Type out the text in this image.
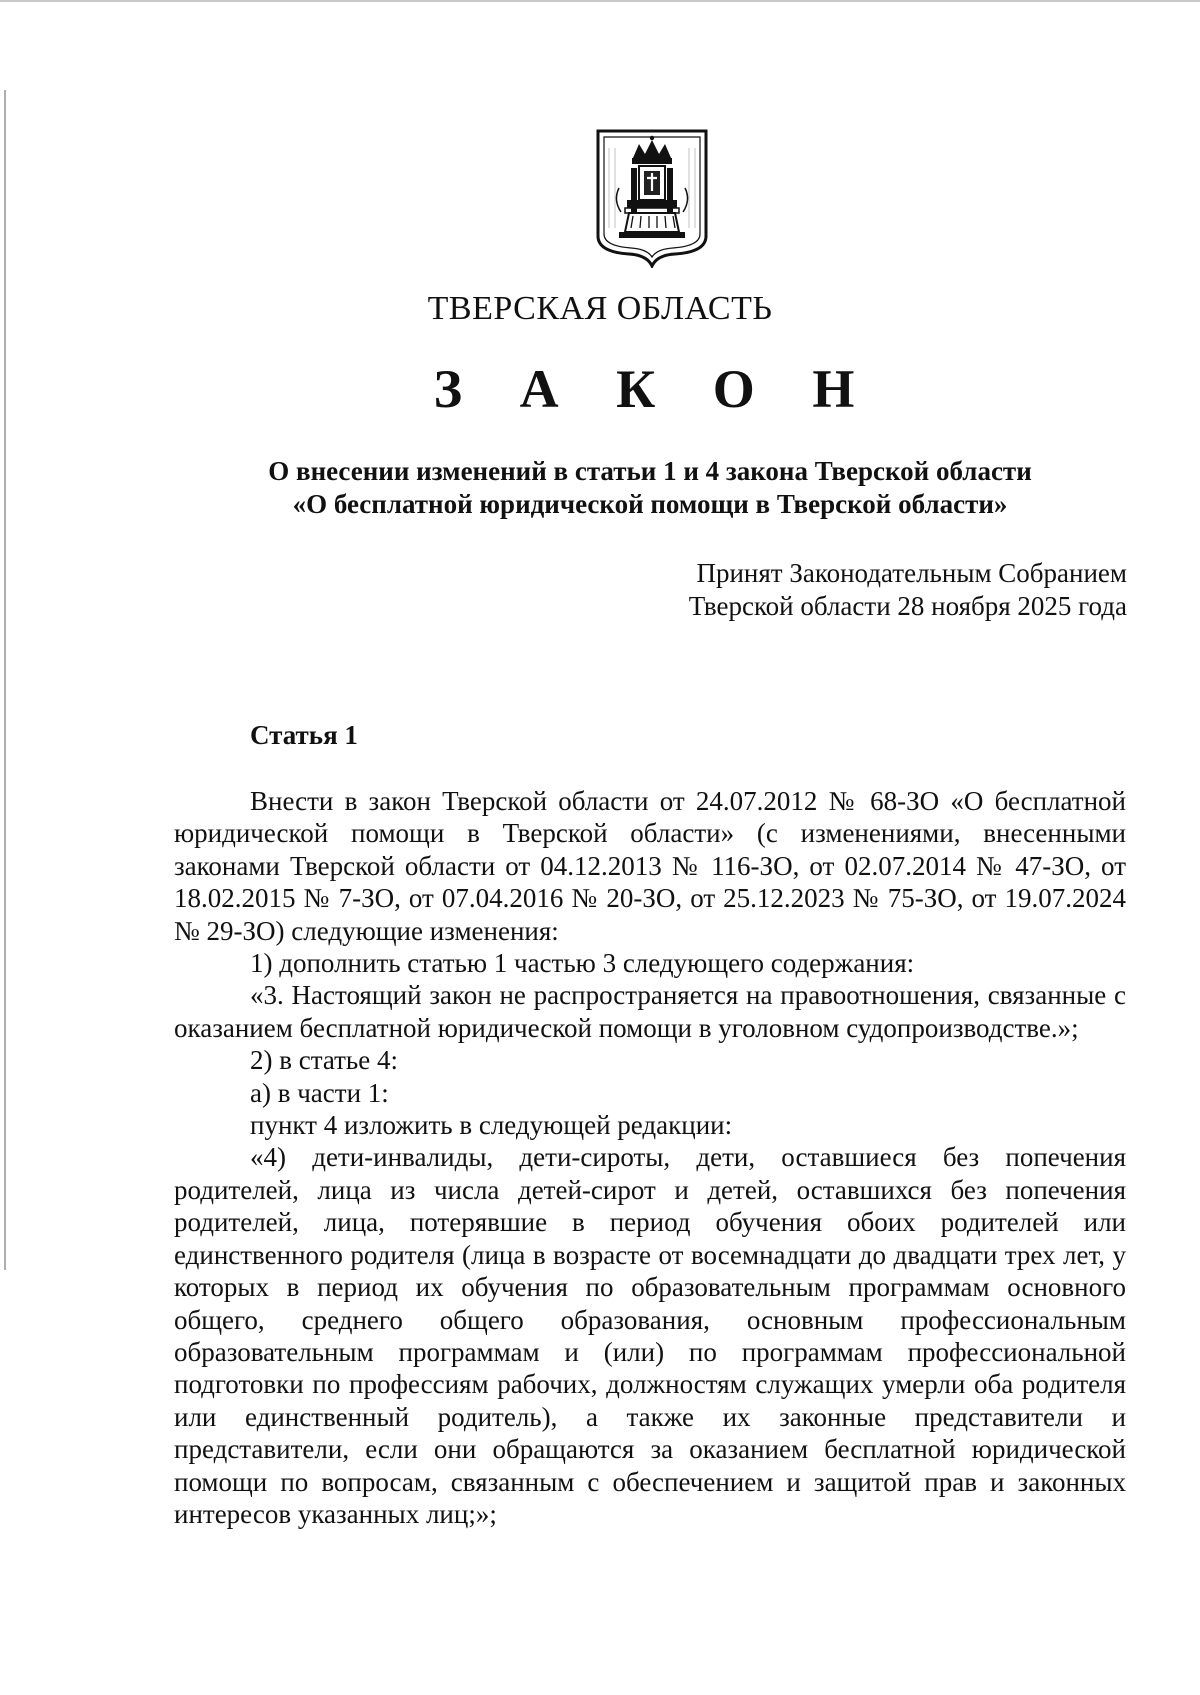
ТВЕРСКАЯ ОБЛАСТЬ
З А К О Н
О внесении изменений в статьи 1 и 4 закона Тверской области
«О бесплатной юридической помощи в Тверской области»
Принят Законодательным Собранием
Тверской области 28 ноября 2025 года
Статья 1

Внести в закон Тверской области от 24.07.2012 № 68-ЗО «О бесплатной юридической помощи в Тверской области» (с изменениями, внесенными законами Тверской области от 04.12.2013 № 116-ЗО, от 02.07.2014 № 47-ЗО, от 18.02.2015 № 7-ЗО, от 07.04.2016 № 20-ЗО, от 25.12.2023 № 75-ЗО, от 19.07.2024 № 29-ЗО) следующие изменения:

1) дополнить статью 1 частью 3 следующего содержания:

«3. Настоящий закон не распространяется на правоотношения, связанные с оказанием бесплатной юридической помощи в уголовном судопроизводстве.»;

2) в статье 4:

а) в части 1:

пункт 4 изложить в следующей редакции:

«4) дети-инвалиды, дети-сироты, дети, оставшиеся без попечения родителей, лица из числа детей-сирот и детей, оставшихся без попечения родителей, лица, потерявшие в период обучения обоих родителей или единственного родителя (лица в возрасте от восемнадцати до двадцати трех лет, у которых в период их обучения по образовательным программам основного общего, среднего общего образования, основным профессиональным образовательным программам и (или) по программам профессиональной подготовки по профессиям рабочих, должностям служащих умерли оба родителя или единственный родитель), а также их законные представители и представители, если они обращаются за оказанием бесплатной юридической помощи по вопросам, связанным с обеспечением и защитой прав и законных интересов указанных лиц;»;
